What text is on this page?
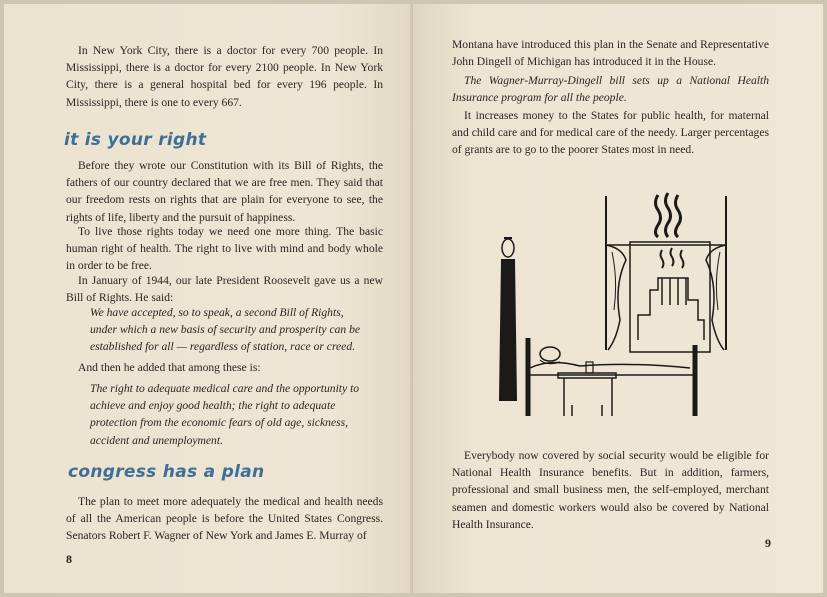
In New York City, there is a doctor for every 700 people. In Mississippi, there is a doctor for every 2100 people. In New York City, there is a general hospital bed for every 196 people. In Mississippi, there is one to every 667.

it is your right

Before they wrote our Constitution with its Bill of Rights, the fathers of our country declared that we are free men. They said that our freedom rests on rights that are plain for everyone to see, the rights of life, liberty and the pursuit of happiness.

To live those rights today we need one more thing. The basic human right of health. The right to live with mind and body whole in order to be free.

In January of 1944, our late President Roosevelt gave us a new Bill of Rights. He said:

We have accepted, so to speak, a second Bill of Rights, under which a new basis of security and prosperity can be established for all — regardless of station, race or creed.

And then he added that among these is:

The right to adequate medical care and the opportunity to achieve and enjoy good health; the right to adequate protection from the economic fears of old age, sickness, accident and unemployment.

congress has a plan

The plan to meet more adequately the medical and health needs of all the American people is before the United States Congress. Senators Robert F. Wagner of New York and James E. Murray of

8

Montana have introduced this plan in the Senate and Representative John Dingell of Michigan has introduced it in the House.

The Wagner-Murray-Dingell bill sets up a National Health Insurance program for all the people.

It increases money to the States for public health, for maternal and child care and for medical care of the needy. Larger percentages of grants are to go to the poorer States most in need.

Everybody now covered by social security would be eligible for National Health Insurance benefits. But in addition, farmers, professional and small business men, the self-employed, merchant seamen and domestic workers would also be covered by National Health Insurance.

9
